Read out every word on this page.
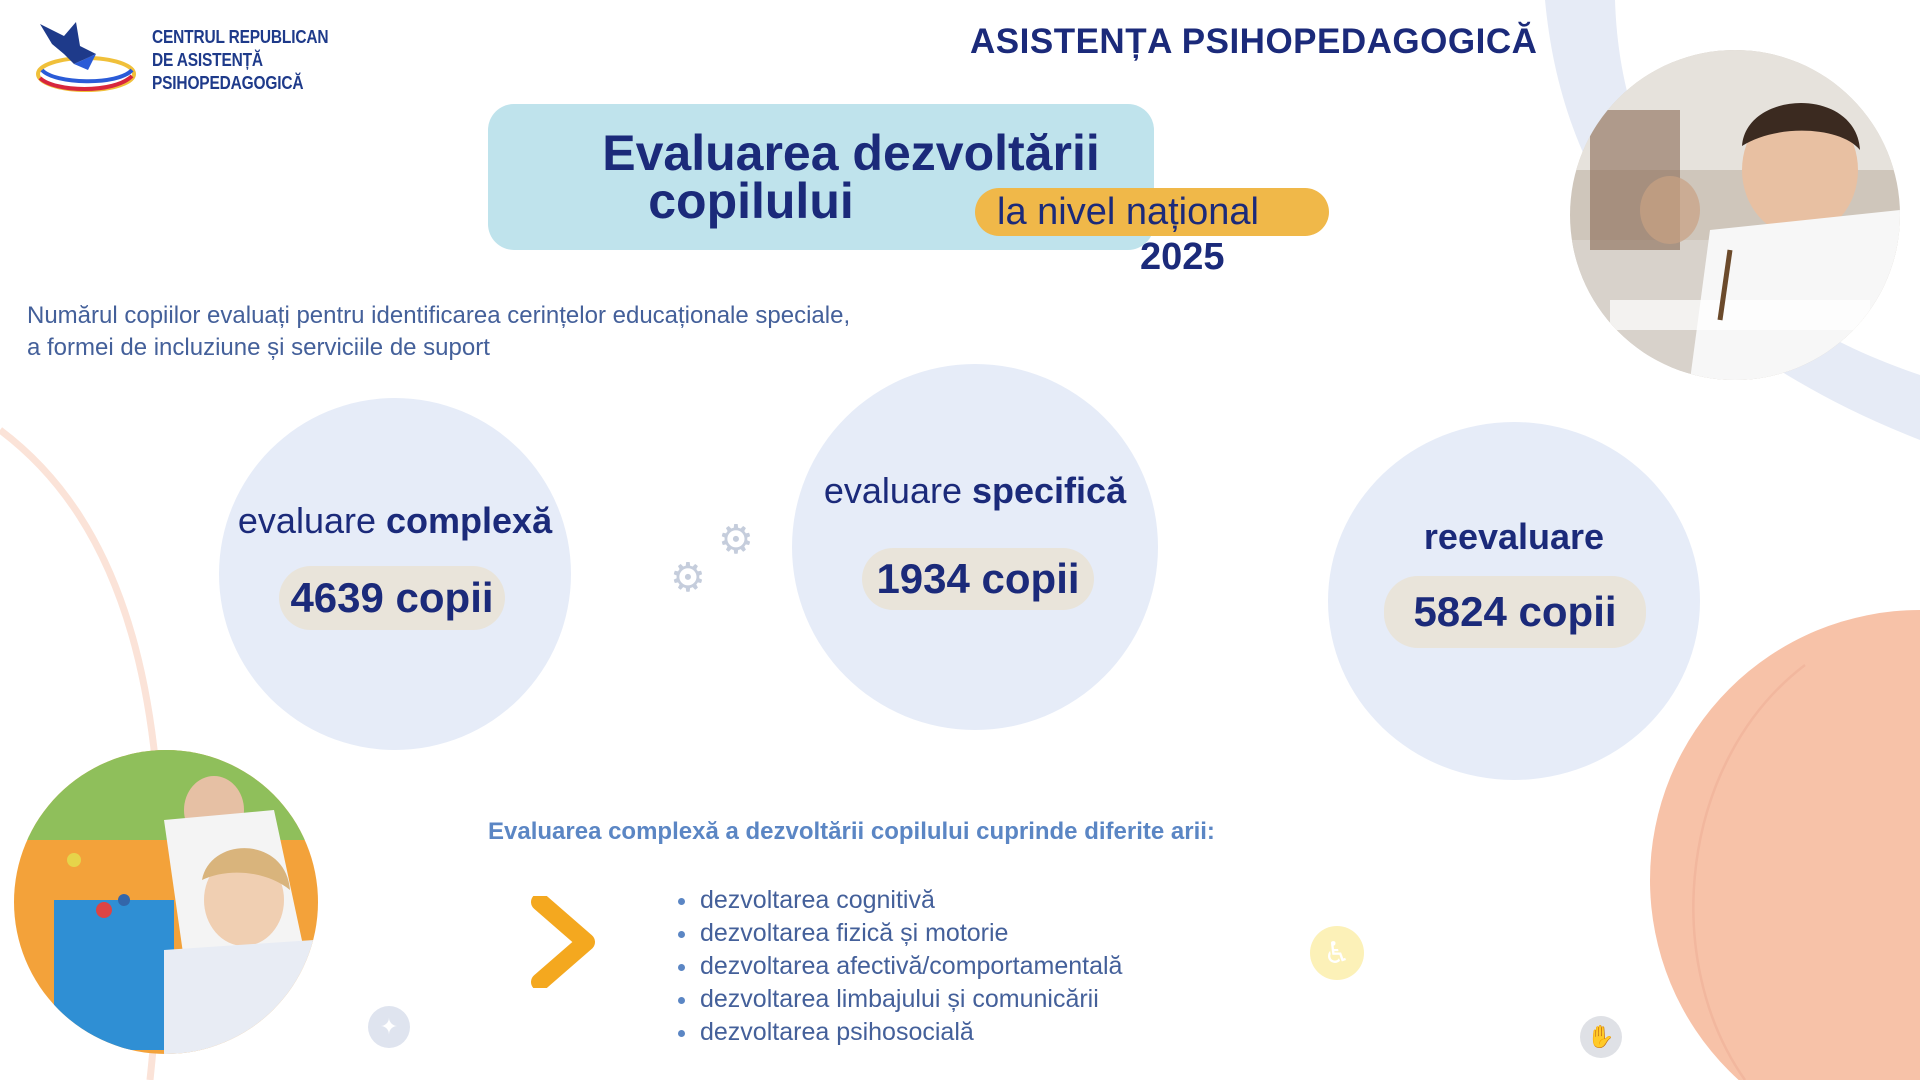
CENTRUL REPUBLICAN
DE ASISTENȚĂ
PSIHOPEDAGOGICĂ
ASISTENȚA PSIHOPEDAGOGICĂ
Evaluarea dezvoltării
copilului	la nivel național
2025
Numărul copiilor evaluați pentru identificarea cerințelor educaționale speciale,
a formei de incluziune și serviciile de suport
evaluare complexă
evaluare specifică
reevaluare
4639 copii	1934 copii
5824 copii
⚙
⚙
Evaluarea complexă a dezvoltării copilului cuprinde diferite arii:
dezvoltarea cognitivă
dezvoltarea fizică și motorie
dezvoltarea afectivă/comportamentală
dezvoltarea limbajului și comunicării
dezvoltarea psihosocială
✦
♿
✋
